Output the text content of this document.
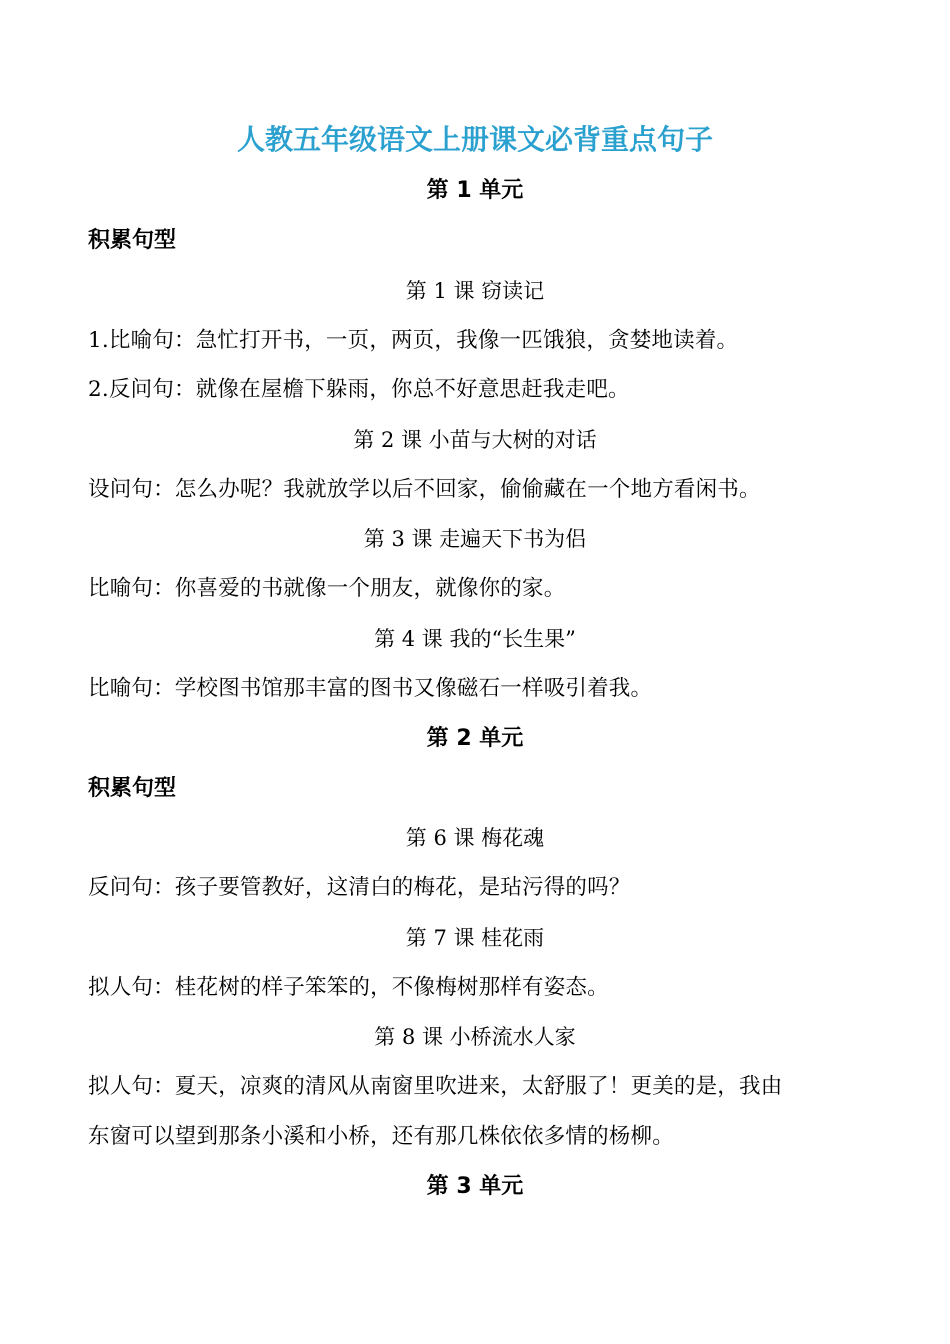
人教五年级语文上册课文必背重点句子
第 1 单元
积累句型
第 1 课 窃读记
1.比喻句：急忙打开书，一页，两页，我像一匹饿狼，贪婪地读着。
2.反问句：就像在屋檐下躲雨，你总不好意思赶我走吧。
第 2 课 小苗与大树的对话
设问句：怎么办呢？我就放学以后不回家，偷偷藏在一个地方看闲书。
第 3 课 走遍天下书为侣
比喻句：你喜爱的书就像一个朋友，就像你的家。
第 4 课 我的“长生果”
比喻句：学校图书馆那丰富的图书又像磁石一样吸引着我。
第 2 单元
积累句型
第 6 课 梅花魂
反问句：孩子要管教好，这清白的梅花，是玷污得的吗？
第 7 课 桂花雨
拟人句：桂花树的样子笨笨的，不像梅树那样有姿态。
第 8 课 小桥流水人家
拟人句：夏天，凉爽的清风从南窗里吹进来，太舒服了！更美的是，我由
东窗可以望到那条小溪和小桥，还有那几株依依多情的杨柳。
第 3 单元
